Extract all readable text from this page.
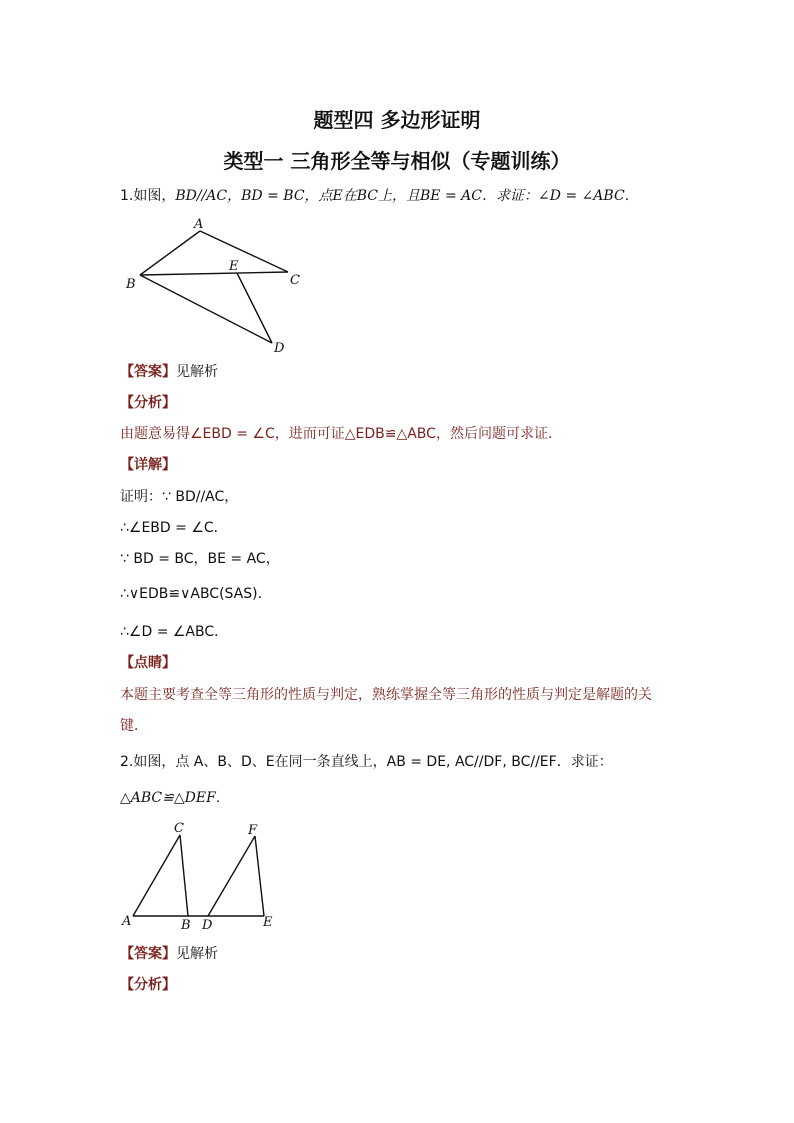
题型四 多边形证明
类型一 三角形全等与相似（专题训练）
1.如图，BD//AC，BD = BC，点E在BC上，且BE = AC．求证：∠D = ∠ABC．
A
B	C
D
E
【答案】见解析
【分析】
由题意易得∠EBD = ∠C，进而可证△EDB≌△ABC，然后问题可求证．
【详解】
证明：∵ BD//AC，
∴∠EBD = ∠C．
∵ BD = BC，BE = AC，
∴∨EDB≌∨ABC(SAS)．
∴∠D = ∠ABC．
【点睛】
本题主要考查全等三角形的性质与判定，熟练掌握全等三角形的性质与判定是解题的关
键．
2.如图，点 A、B、D、E在同一条直线上，AB = DE, AC//DF, BC//EF．求证：
△ABC≌△DEF．
A	B
C
D	E
F
【答案】见解析
【分析】
